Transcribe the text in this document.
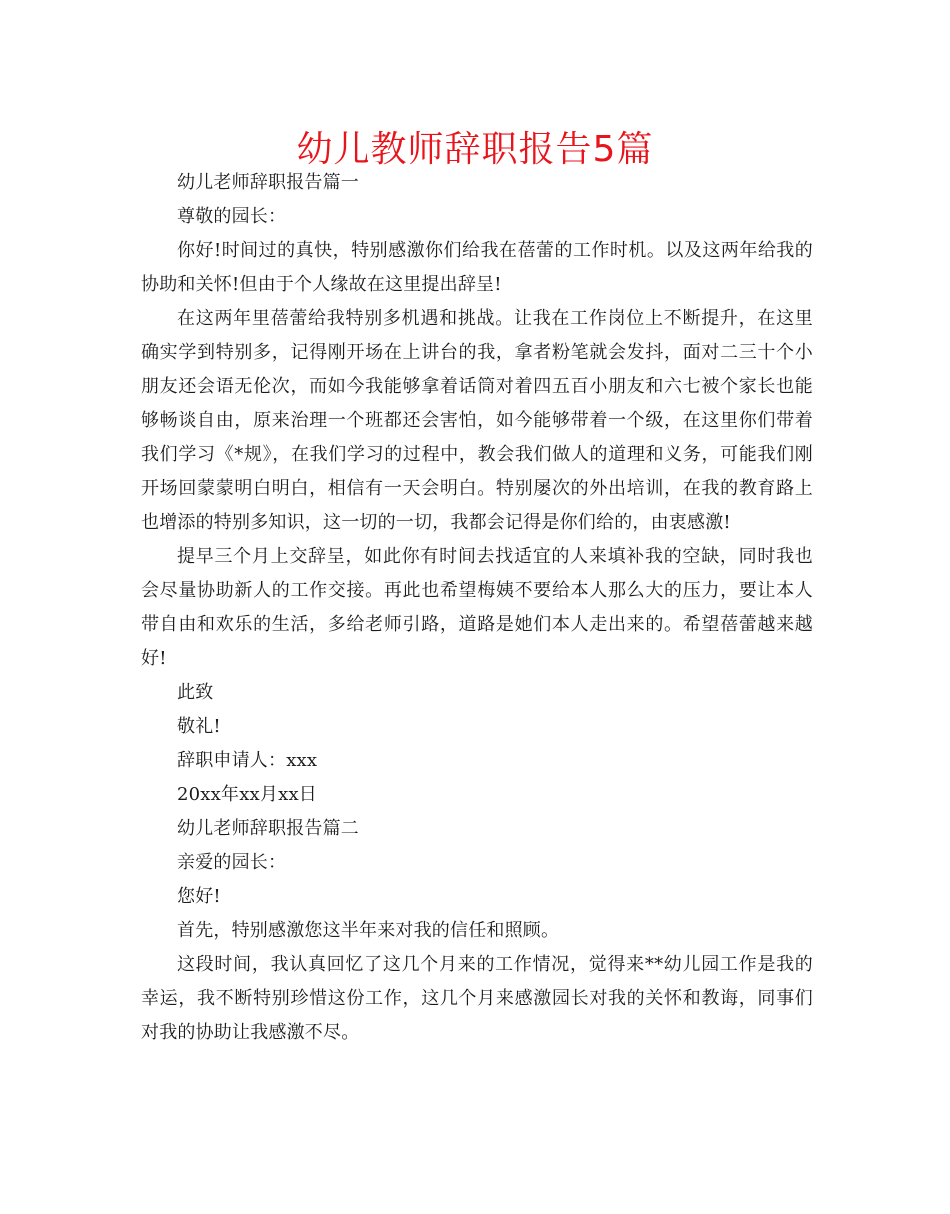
幼儿教师辞职报告5篇

幼儿老师辞职报告篇一

尊敬的园长：

你好!时间过的真快，特别感激你们给我在蓓蕾的工作时机。以及这两年给我的协助和关怀!但由于个人缘故在这里提出辞呈!

在这两年里蓓蕾给我特别多机遇和挑战。让我在工作岗位上不断提升，在这里确实学到特别多，记得刚开场在上讲台的我，拿者粉笔就会发抖，面对二三十个小朋友还会语无伦次，而如今我能够拿着话筒对着四五百小朋友和六七被个家长也能够畅谈自由，原来治理一个班都还会害怕，如今能够带着一个级，在这里你们带着我们学习《*规》，在我们学习的过程中，教会我们做人的道理和义务，可能我们刚开场回蒙蒙明白明白，相信有一天会明白。特别屡次的外出培训，在我的教育路上也增添的特别多知识，这一切的一切，我都会记得是你们给的，由衷感激!

提早三个月上交辞呈，如此你有时间去找适宜的人来填补我的空缺，同时我也会尽量协助新人的工作交接。再此也希望梅姨不要给本人那么大的压力，要让本人带自由和欢乐的生活，多给老师引路，道路是她们本人走出来的。希望蓓蕾越来越好!

此致

敬礼!

辞职申请人：xxx

20xx年xx月xx日

幼儿老师辞职报告篇二

亲爱的园长：

您好!

首先，特别感激您这半年来对我的信任和照顾。

这段时间，我认真回忆了这几个月来的工作情况，觉得来**幼儿园工作是我的幸运，我不断特别珍惜这份工作，这几个月来感激园长对我的关怀和教诲，同事们对我的协助让我感激不尽。
